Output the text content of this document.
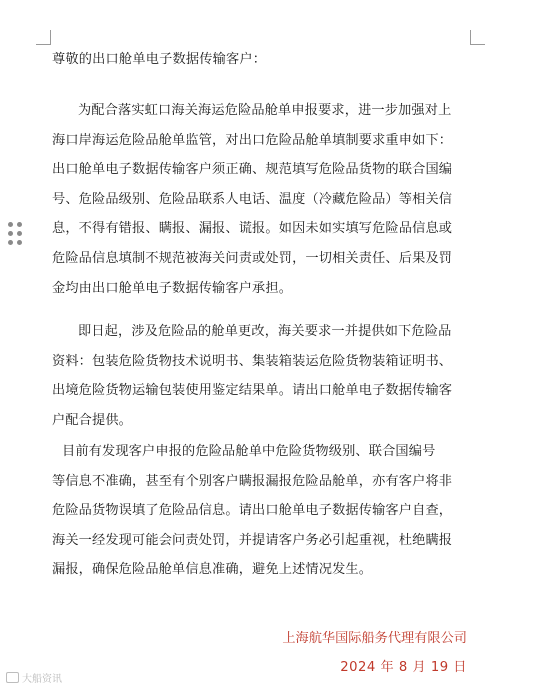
尊敬的出口舱单电子数据传输客户：
为配合落实虹口海关海运危险品舱单申报要求，进一步加强对上
海口岸海运危险品舱单监管，对出口危险品舱单填制要求重申如下：
出口舱单电子数据传输客户须正确、规范填写危险品货物的联合国编
号、危险品级别、危险品联系人电话、温度（冷藏危险品）等相关信
息，不得有错报、瞒报、漏报、谎报。如因未如实填写危险品信息或
危险品信息填制不规范被海关问责或处罚，一切相关责任、后果及罚
金均由出口舱单电子数据传输客户承担。
即日起，涉及危险品的舱单更改，海关要求一并提供如下危险品
资料：包装危险货物技术说明书、集装箱装运危险货物装箱证明书、
出境危险货物运输包装使用鉴定结果单。请出口舱单电子数据传输客
户配合提供。
目前有发现客户申报的危险品舱单中危险货物级别、联合国编号
等信息不准确，甚至有个别客户瞒报漏报危险品舱单，亦有客户将非
危险品货物误填了危险品信息。请出口舱单电子数据传输客户自查，
海关一经发现可能会问责处罚，并提请客户务必引起重视，杜绝瞒报
漏报，确保危险品舱单信息准确，避免上述情况发生。
上海航华国际船务代理有限公司
2024 年 8 月 19 日
大船资讯
